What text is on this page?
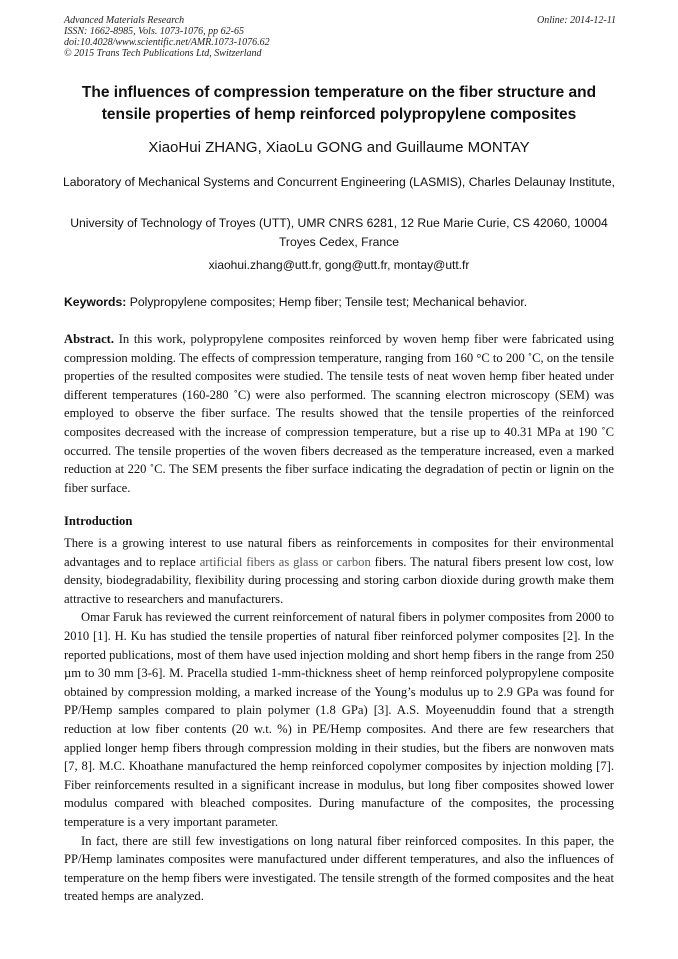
Advanced Materials Research
ISSN: 1662-8985, Vols. 1073-1076, pp 62-65
doi:10.4028/www.scientific.net/AMR.1073-1076.62
© 2015 Trans Tech Publications Ltd, Switzerland
Online: 2014-12-11
The influences of compression temperature on the fiber structure and tensile properties of hemp reinforced polypropylene composites
XiaoHui ZHANG, XiaoLu GONG and Guillaume MONTAY
Laboratory of Mechanical Systems and Concurrent Engineering (LASMIS), Charles Delaunay Institute,
University of Technology of Troyes (UTT), UMR CNRS 6281, 12 Rue Marie Curie, CS 42060, 10004 Troyes Cedex, France
xiaohui.zhang@utt.fr, gong@utt.fr, montay@utt.fr
Keywords: Polypropylene composites; Hemp fiber; Tensile test; Mechanical behavior.
Abstract. In this work, polypropylene composites reinforced by woven hemp fiber were fabricated using compression molding. The effects of compression temperature, ranging from 160 °C to 200 ˚C, on the tensile properties of the resulted composites were studied. The tensile tests of neat woven hemp fiber heated under different temperatures (160-280 ˚C) were also performed. The scanning electron microscopy (SEM) was employed to observe the fiber surface. The results showed that the tensile properties of the reinforced composites decreased with the increase of compression temperature, but a rise up to 40.31 MPa at 190 ˚C occurred. The tensile properties of the woven fibers decreased as the temperature increased, even a marked reduction at 220 ˚C. The SEM presents the fiber surface indicating the degradation of pectin or lignin on the fiber surface.
Introduction

There is a growing interest to use natural fibers as reinforcements in composites for their environmental advantages and to replace artificial fibers as glass or carbon fibers. The natural fibers present low cost, low density, biodegradability, flexibility during processing and storing carbon dioxide during growth make them attractive to researchers and manufacturers.

Omar Faruk has reviewed the current reinforcement of natural fibers in polymer composites from 2000 to 2010 [1]. H. Ku has studied the tensile properties of natural fiber reinforced polymer composites [2]. In the reported publications, most of them have used injection molding and short hemp fibers in the range from 250 µm to 30 mm [3-6]. M. Pracella studied 1-mm-thickness sheet of hemp reinforced polypropylene composite obtained by compression molding, a marked increase of the Young’s modulus up to 2.9 GPa was found for PP/Hemp samples compared to plain polymer (1.8 GPa) [3]. A.S. Moyeenuddin found that a strength reduction at low fiber contents (20 w.t. %) in PE/Hemp composites. And there are few researchers that applied longer hemp fibers through compression molding in their studies, but the fibers are nonwoven mats [7, 8]. M.C. Khoathane manufactured the hemp reinforced copolymer composites by injection molding [7]. Fiber reinforcements resulted in a significant increase in modulus, but long fiber composites showed lower modulus compared with bleached composites. During manufacture of the composites, the processing temperature is a very important parameter.

In fact, there are still few investigations on long natural fiber reinforced composites. In this paper, the PP/Hemp laminates composites were manufactured under different temperatures, and also the influences of temperature on the hemp fibers were investigated. The tensile strength of the formed composites and the heat treated hemps are analyzed.
